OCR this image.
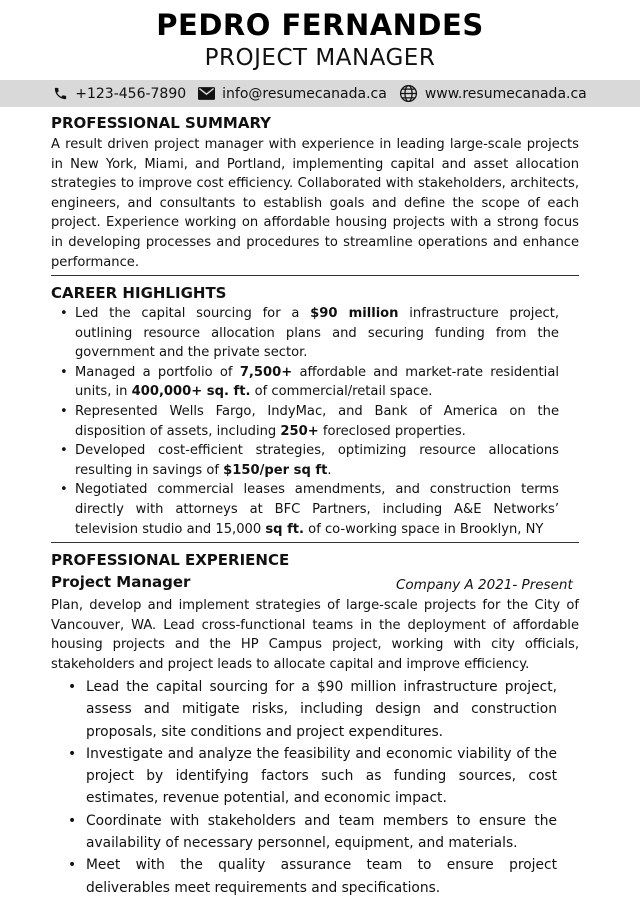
PEDRO FERNANDES
PROJECT MANAGER
+123-456-7890	info@resumecanada.ca	www.resumecanada.ca
PROFESSIONAL SUMMARY
A result driven project manager with experience in leading large-scale projects in New York, Miami, and Portland, implementing capital and asset allocation strategies to improve cost efficiency. Collaborated with stakeholders, architects, engineers, and consultants to establish goals and define the scope of each project. Experience working on affordable housing projects with a strong focus in developing processes and procedures to streamline operations and enhance performance.
CAREER HIGHLIGHTS
• Led the capital sourcing for a $90 million infrastructure project, outlining resource allocation plans and securing funding from the government and the private sector.
• Managed a portfolio of 7,500+ affordable and market-rate residential units, in 400,000+ sq. ft. of commercial/retail space.
• Represented Wells Fargo, IndyMac, and Bank of America on the disposition of assets, including 250+ foreclosed properties.
• Developed cost-efficient strategies, optimizing resource allocations resulting in savings of $150/per sq ft.
• Negotiated commercial leases amendments, and construction terms directly with attorneys at BFC Partners, including A&E Networks’ television studio and 15,000 sq ft. of co-working space in Brooklyn, NY
PROFESSIONAL EXPERIENCE
Project Manager	Company A 2021- Present
Plan, develop and implement strategies of large-scale projects for the City of Vancouver, WA. Lead cross-functional teams in the deployment of affordable housing projects and the HP Campus project, working with city officials, stakeholders and project leads to allocate capital and improve efficiency.
• Lead the capital sourcing for a $90 million infrastructure project, assess and mitigate risks, including design and construction proposals, site conditions and project expenditures.
• Investigate and analyze the feasibility and economic viability of the project by identifying factors such as funding sources, cost estimates, revenue potential, and economic impact.
• Coordinate with stakeholders and team members to ensure the availability of necessary personnel, equipment, and materials.
• Meet with the quality assurance team to ensure project deliverables meet requirements and specifications.
